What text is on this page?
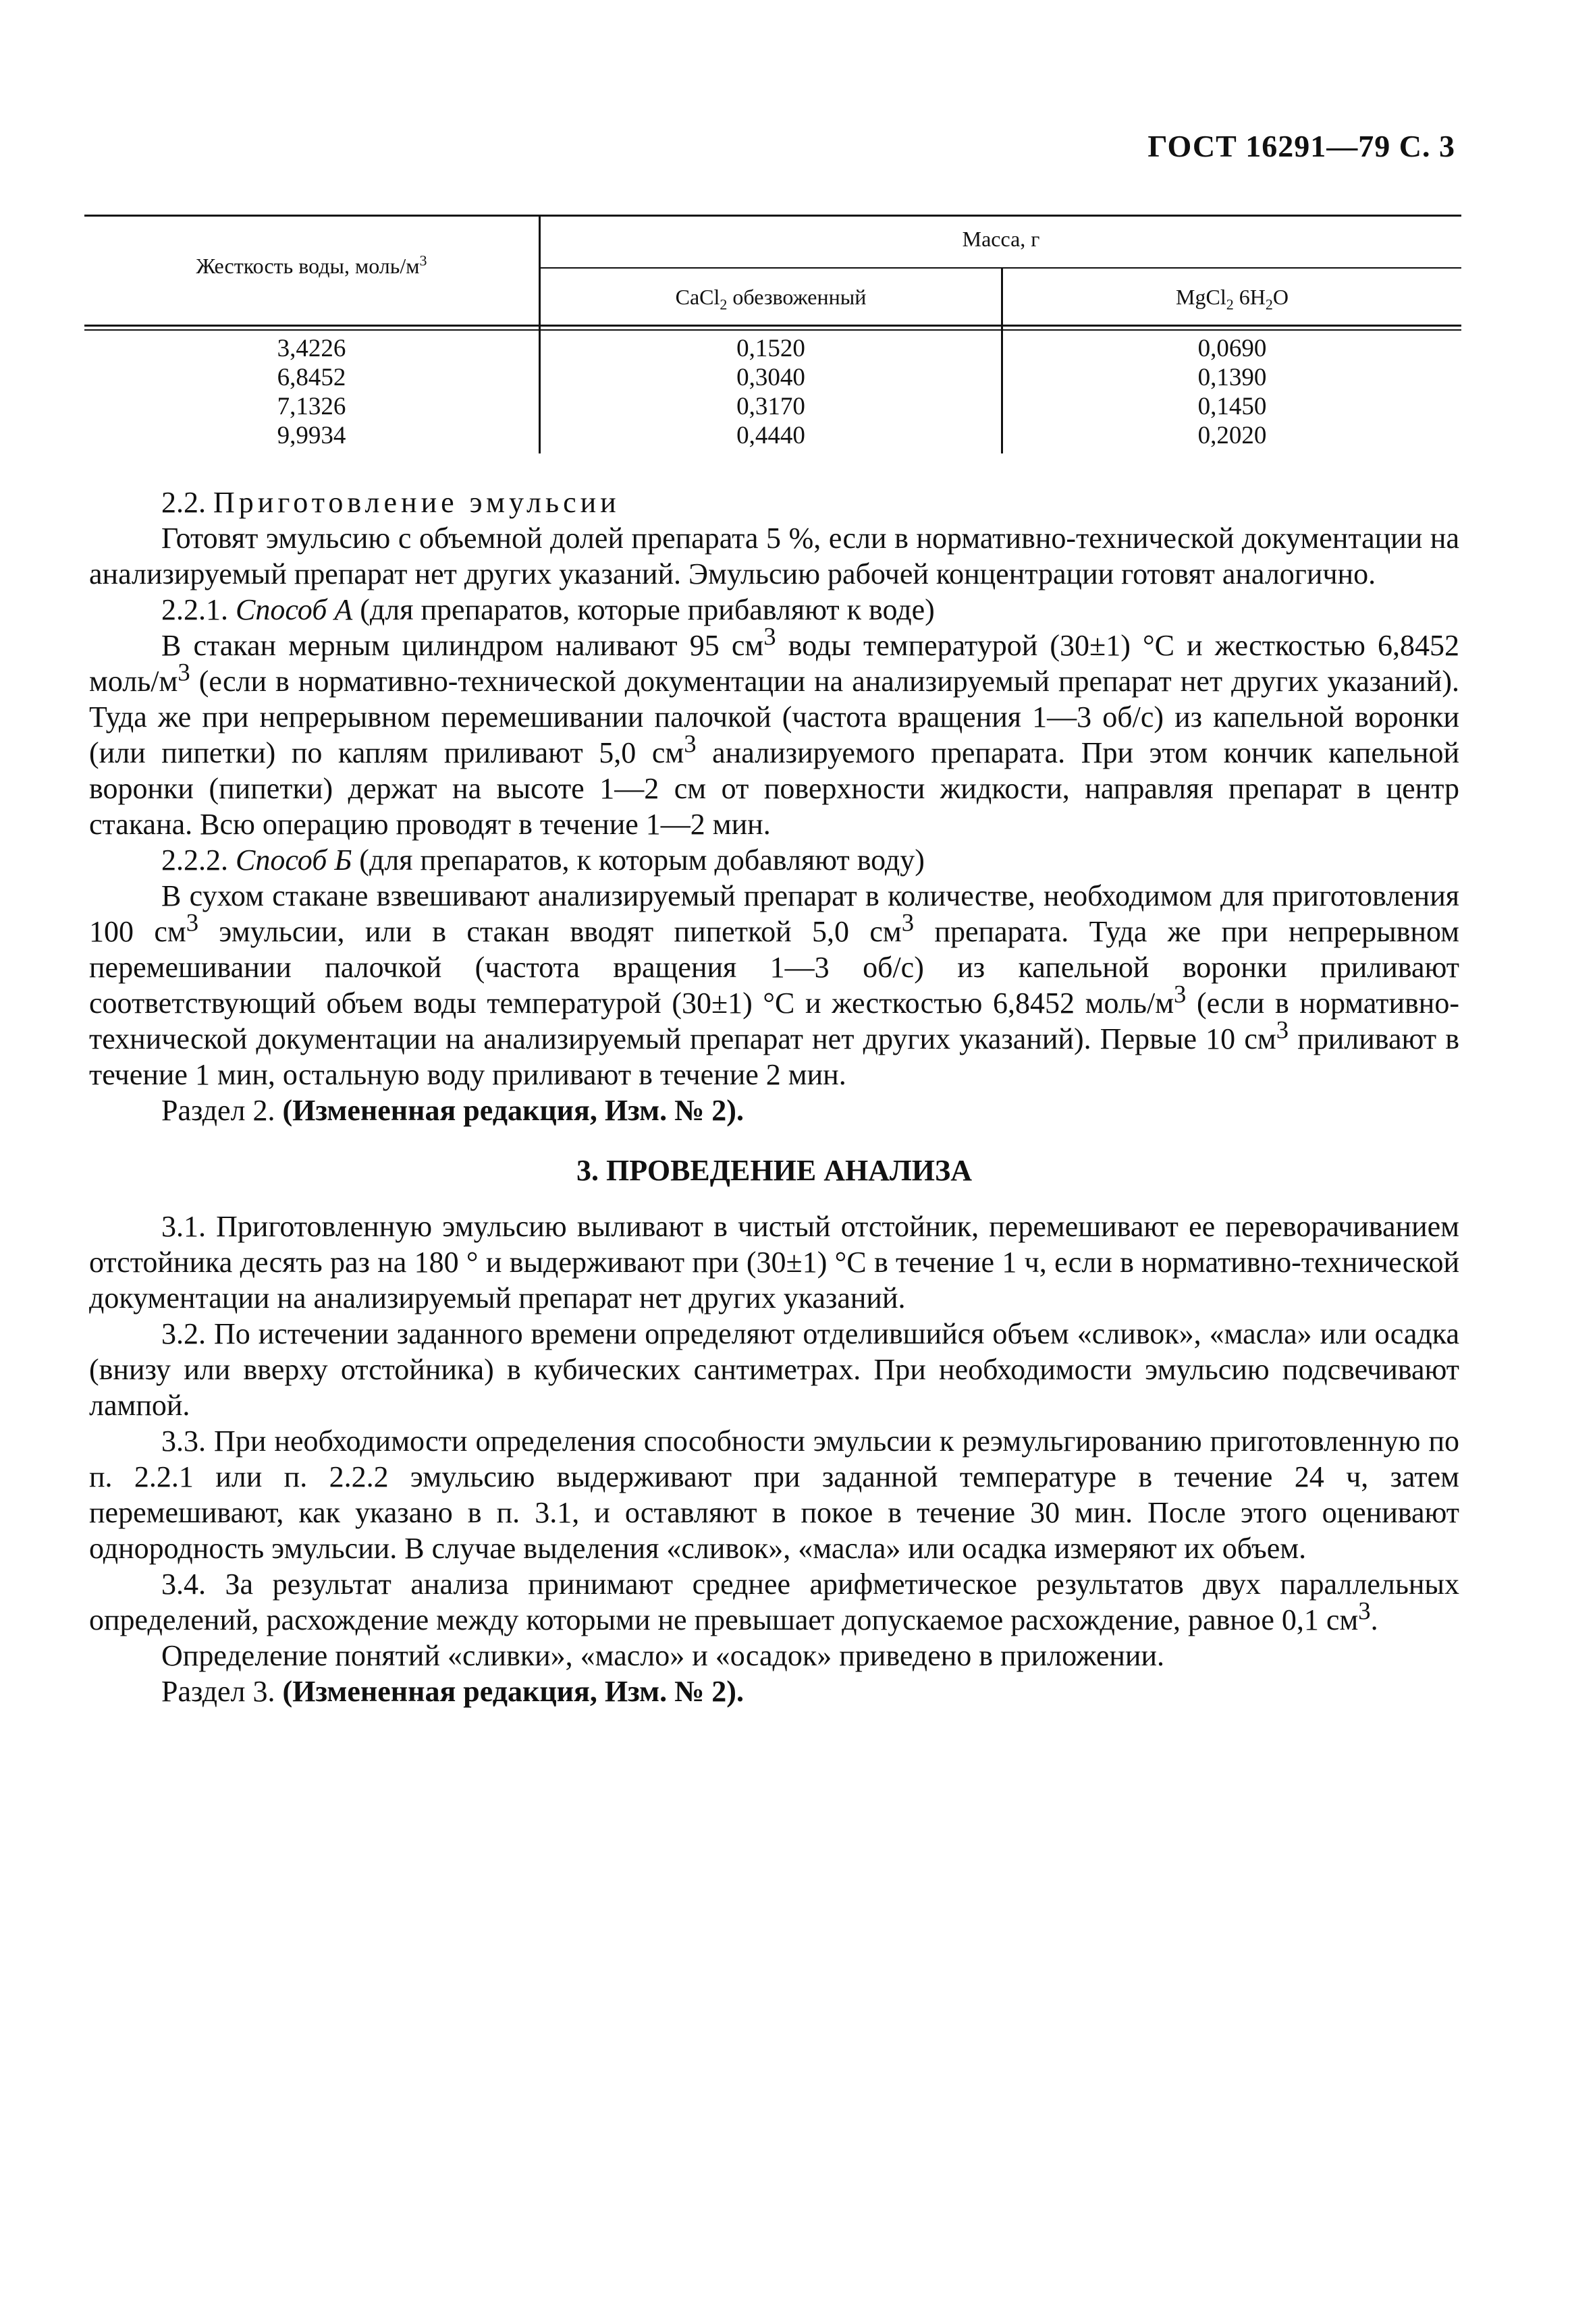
ГОСТ 16291—79 С. 3
Жесткость воды, моль/$м^3$
Масса, г
CaCl$_2$ обезвоженный	MgCl$_2$ $6H_2O$
3,4226
6,8452
7,1326
9,9934
0,1520
0,3040
0,3170
0,4440
0,0690
0,1390
0,1450
0,2020

2.2. Приготовление эмульсии

Готовят эмульсию с объемной долей препарата 5 %, если в нормативно-технической документации на анализируемый препарат нет других указаний. Эмульсию рабочей концентрации готовят аналогично.

2.2.1. Способ А (для препаратов, которые прибавляют к воде)

В стакан мерным цилиндром наливают 95 $см^3$ воды температурой (30±1) °С и жесткостью 6,8452 моль/$м^3$ (если в нормативно-технической документации на анализируемый препарат нет других указаний). Туда же при непрерывном перемешивании палочкой (частота вращения 1—3 об/с) из капельной воронки (или пипетки) по каплям приливают 5,0 $см^3$ анализируемого препарата. При этом кончик капельной воронки (пипетки) держат на высоте 1—2 см от поверхности жидкости, направляя препарат в центр стакана. Всю операцию проводят в течение 1—2 мин.

2.2.2. Способ Б (для препаратов, к которым добавляют воду)

В сухом стакане взвешивают анализируемый препарат в количестве, необходимом для приготовления 100 $см^3$ эмульсии, или в стакан вводят пипеткой 5,0 $см^3$ препарата. Туда же при непрерывном перемешивании палочкой (частота вращения 1—3 об/с) из капельной воронки приливают соответствующий объем воды температурой (30±1) °С и жесткостью 6,8452 моль/$м^3$ (если в нормативно-технической документации на анализируемый препарат нет других указаний). Первые 10 $см^3$ приливают в течение 1 мин, остальную воду приливают в течение 2 мин.

Раздел 2. (Измененная редакция, Изм. № 2).

3. ПРОВЕДЕНИЕ АНАЛИЗА

3.1. Приготовленную эмульсию выливают в чистый отстойник, перемешивают ее переворачиванием отстойника десять раз на 180 ° и выдерживают при (30±1) °С в течение 1 ч, если в нормативно-технической документации на анализируемый препарат нет других указаний.

3.2. По истечении заданного времени определяют отделившийся объем «сливок», «масла» или осадка (внизу или вверху отстойника) в кубических сантиметрах. При необходимости эмульсию подсвечивают лампой.

3.3. При необходимости определения способности эмульсии к реэмульгированию приготовленную по п. 2.2.1 или п. 2.2.2 эмульсию выдерживают при заданной температуре в течение 24 ч, затем перемешивают, как указано в п. 3.1, и оставляют в покое в течение 30 мин. После этого оценивают однородность эмульсии. В случае выделения «сливок», «масла» или осадка измеряют их объем.

3.4. За результат анализа принимают среднее арифметическое результатов двух параллельных определений, расхождение между которыми не превышает допускаемое расхождение, равное 0,1 $см^3$.

Определение понятий «сливки», «масло» и «осадок» приведено в приложении.

Раздел 3. (Измененная редакция, Изм. № 2).
